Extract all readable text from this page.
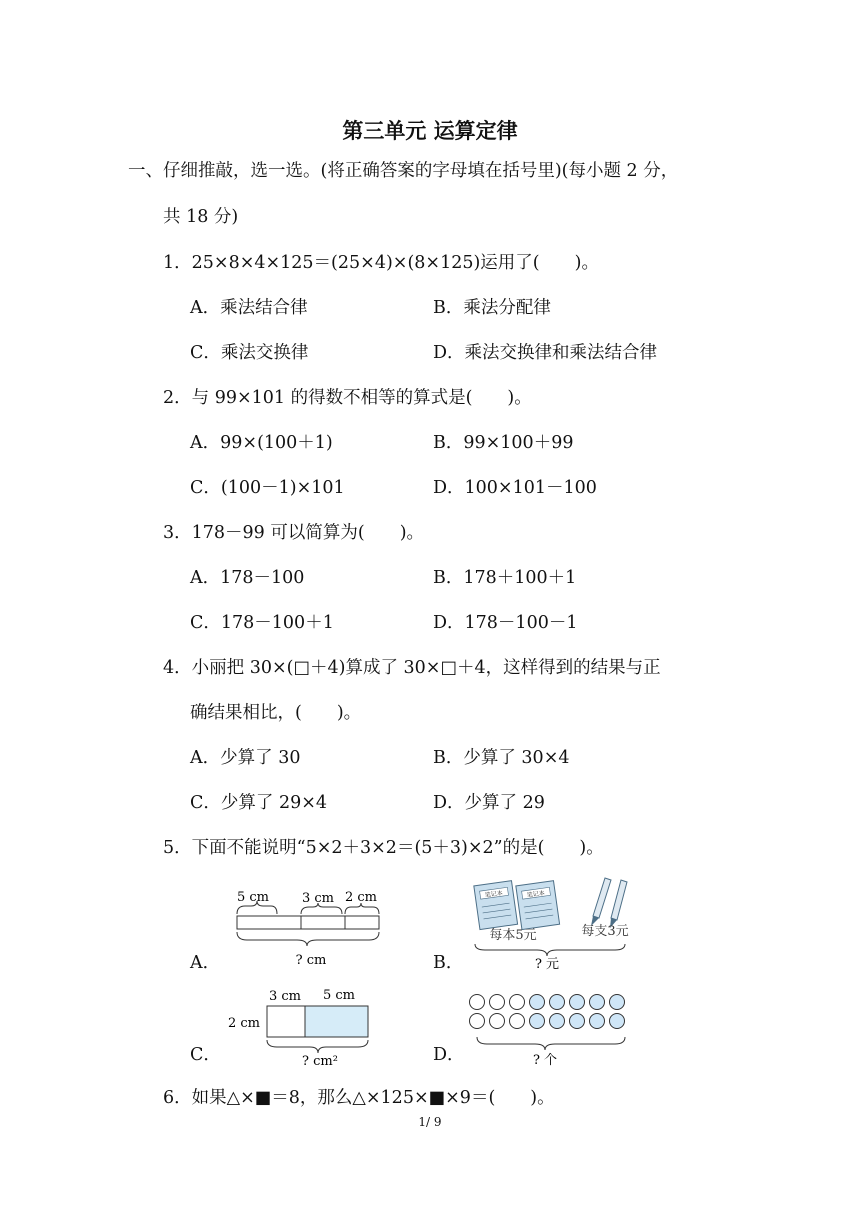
第三单元 运算定律
一、仔细推敲，选一选。(将正确答案的字母填在括号里)(每小题 2 分，
共 18 分)
1．25×8×4×125＝(25×4)×(8×125)运用了(　　)。
A．乘法结合律	B．乘法分配律
C．乘法交换律	D．乘法交换律和乘法结合律
2．与 99×101 的得数不相等的算式是(　　)。
A．99×(100＋1)	B．99×100＋99
C．(100－1)×101	D．100×101－100
3．178－99 可以简算为(　　)。
A．178－100	B．178＋100＋1
C．178－100＋1	D．178－100－1
4．小丽把 30×(□＋4)算成了 30×□＋4，这样得到的结果与正
确结果相比，(　　)。
A．少算了 30	B．少算了 30×4
C．少算了 29×4	D．少算了 29
5．下面不能说明“5×2＋3×2＝(5＋3)×2”的是(　　)。
A．	B．
C．	D．
5 cm	3 cm 2 cm
? cm
笔记本	笔记本
每本5元	每支3元
? 元
3 cm 5 cm
2 cm
? cm²	? 个
6．如果△×■＝8，那么△×125×■×9＝(　　)。
1/ 9
